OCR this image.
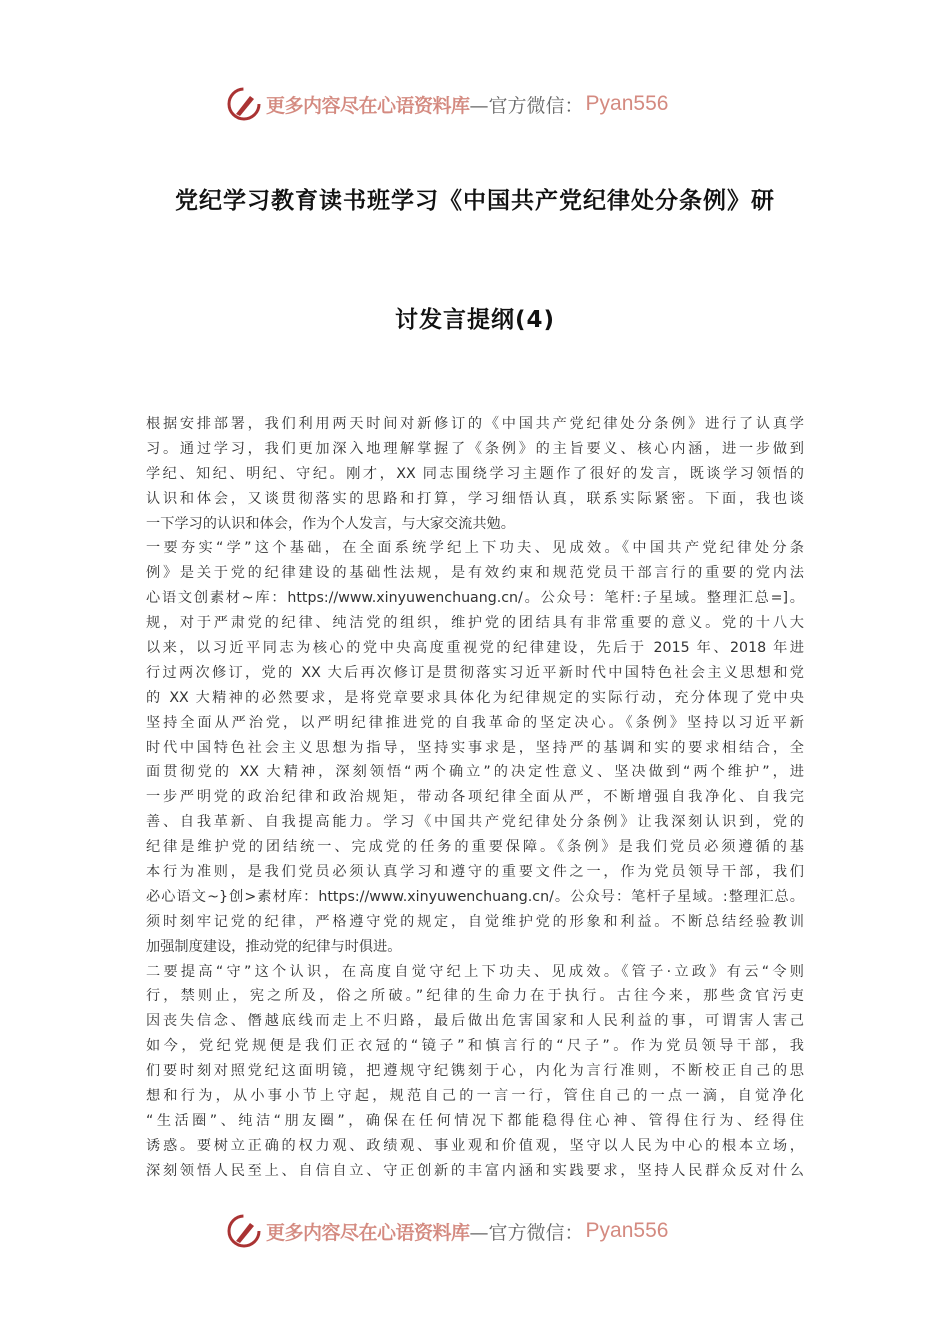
更多内容尽在心语资料库 —官方微信： Pyan556
党纪学习教育读书班学习《中国共产党纪律处分条例》研
讨发言提纲(4)
根据安排部署，我们利用两天时间对新修订的《中国共产党纪律处分条例》进行了认真学
习。通过学习，我们更加深入地理解掌握了《条例》的主旨要义、核心内涵，进一步做到
学纪、知纪、明纪、守纪。刚才，XX 同志围绕学习主题作了很好的发言，既谈学习领悟的
认识和体会，又谈贯彻落实的思路和打算，学习细悟认真，联系实际紧密。下面，我也谈
一下学习的认识和体会，作为个人发言，与大家交流共勉。
一要夯实“学”这个基础，在全面系统学纪上下功夫、见成效。《中国共产党纪律处分条
例》是关于党的纪律建设的基础性法规，是有效约束和规范党员干部言行的重要的党内法
心语文创素材~库：https://www.xinyuwenchuang.cn/。公众号：笔杆:子星域。整理汇总=]。
规，对于严肃党的纪律、纯洁党的组织，维护党的团结具有非常重要的意义。党的十八大
以来，以习近平同志为核心的党中央高度重视党的纪律建设，先后于 2015 年、2018 年进
行过两次修订，党的 XX 大后再次修订是贯彻落实习近平新时代中国特色社会主义思想和党
的 XX 大精神的必然要求，是将党章要求具体化为纪律规定的实际行动，充分体现了党中央
坚持全面从严治党，以严明纪律推进党的自我革命的坚定决心。《条例》坚持以习近平新
时代中国特色社会主义思想为指导，坚持实事求是，坚持严的基调和实的要求相结合，全
面贯彻党的 XX 大精神，深刻领悟“两个确立”的决定性意义、坚决做到“两个维护”，进
一步严明党的政治纪律和政治规矩，带动各项纪律全面从严，不断增强自我净化、自我完
善、自我革新、自我提高能力。学习《中国共产党纪律处分条例》让我深刻认识到，党的
纪律是维护党的团结统一、完成党的任务的重要保障。《条例》是我们党员必须遵循的基
本行为准则，是我们党员必须认真学习和遵守的重要文件之一，作为党员领导干部，我们
必心语文~}创>素材库：https://www.xinyuwenchuang.cn/。公众号：笔杆子星域。:整理汇总。
须时刻牢记党的纪律，严格遵守党的规定，自觉维护党的形象和利益。不断总结经验教训
加强制度建设，推动党的纪律与时俱进。
二要提高“守”这个认识，在高度自觉守纪上下功夫、见成效。《管子·立政》有云“令则
行，禁则止，宪之所及，俗之所破。”纪律的生命力在于执行。古往今来，那些贪官污吏
因丧失信念、僭越底线而走上不归路，最后做出危害国家和人民利益的事，可谓害人害己
如今，党纪党规便是我们正衣冠的“镜子”和慎言行的“尺子”。作为党员领导干部，我
们要时刻对照党纪这面明镜，把遵规守纪镌刻于心，内化为言行准则，不断校正自己的思
想和行为，从小事小节上守起，规范自己的一言一行，管住自己的一点一滴，自觉净化
“生活圈”、纯洁“朋友圈”，确保在任何情况下都能稳得住心神、管得住行为、经得住
诱惑。要树立正确的权力观、政绩观、事业观和价值观，坚守以人民为中心的根本立场，
深刻领悟人民至上、自信自立、守正创新的丰富内涵和实践要求，坚持人民群众反对什么
更多内容尽在心语资料库 —官方微信： Pyan556
